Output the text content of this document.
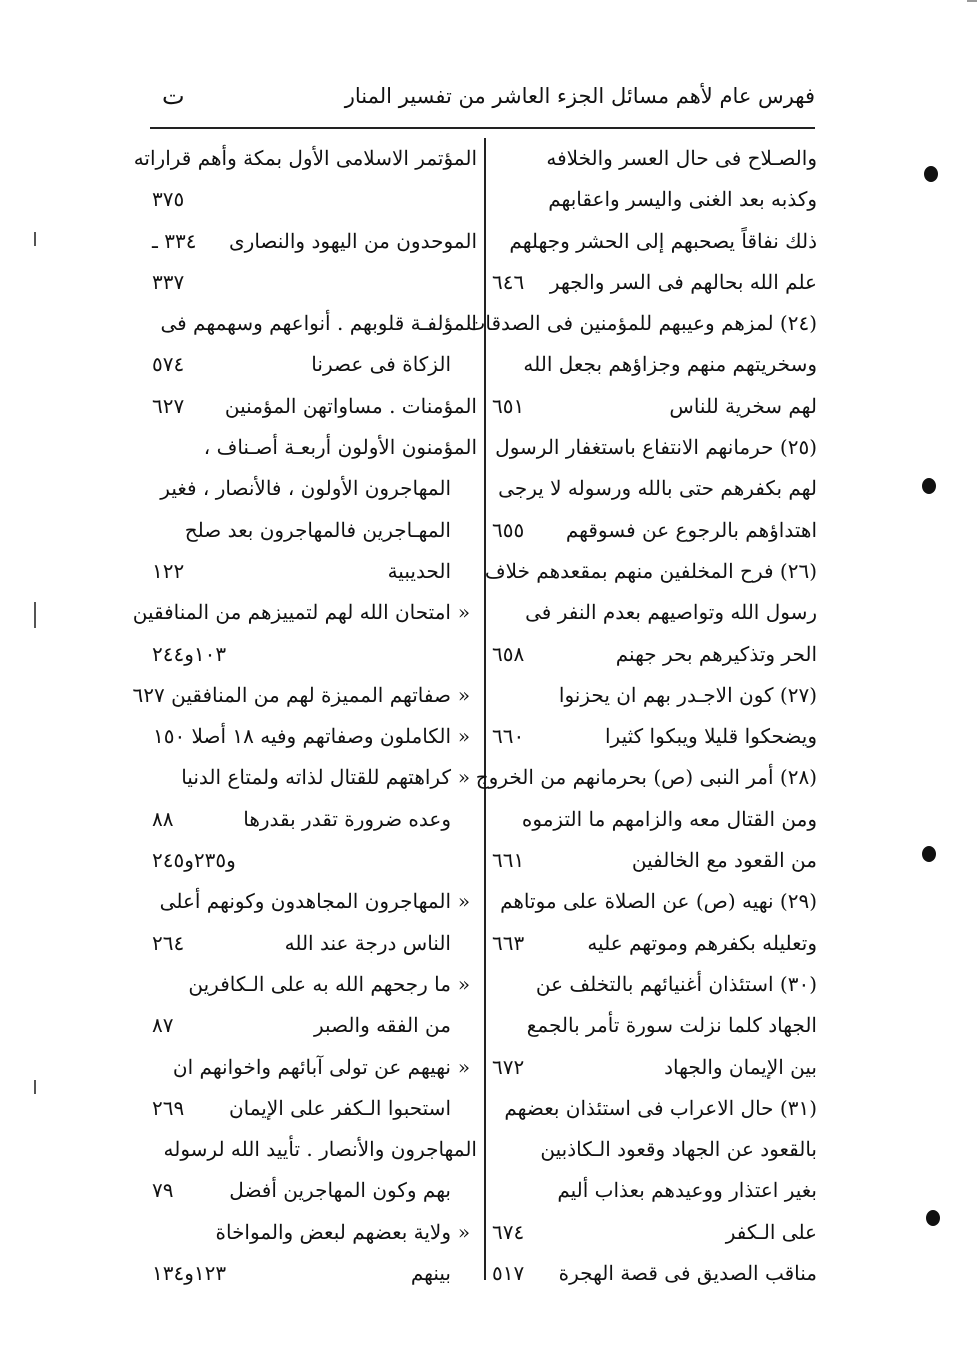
فهرس عام لأهم مسائل الجزء العاشر من تفسير المنار
ت
والصـلاح فى حال العسر والخلافه
وكذبه بعد الغنى واليسر واعقابهم
ذلك نفاقاً يصحبهم إلى الحشر وجهلهم
علم الله بحالهم فى السر والجهر
٦٤٦
(٢٤) لمزهم وعيبهم للمؤمنين فى الصدقات
وسخريتهم منهم وجزاؤهم بجعل الله
لهم سخرية للناس
٦٥١
(٢٥) حرمانهم الانتفاع باستغفار الرسول
لهم بكفرهم حتى بالله ورسوله لا يرجى
اهتداؤهم بالرجوع عن فسوقهم
٦٥٥
(٢٦) فرح المخلفين منهم بمقعدهم خلاف
رسول الله وتواصيهم بعدم النفر فى
الحر وتذكيرهم بحر جهنم
٦٥٨
(٢٧) كون الاجـدر بهم ان يحزنوا
ويضحكوا قليلا ويبكوا كثيرا
٦٦٠
(٢٨) أمر النبى (ص) بحرمانهم من الخروج
ومن القتال معه والزامهم ما التزموه
من القعود مع الخالفين
٦٦١
(٢٩) نهيه (ص) عن الصلاة على موتاهم
وتعليله بكفرهم وموتهم عليه
٦٦٣
(٣٠) استئذان أغنيائهم بالتخلف عن
الجهاد كلما نزلت سورة تأمر بالجمع
بين الإيمان والجهاد
٦٧٢
(٣١) حال الاعراب فى استئذان بعضهم
بالقعود عن الجهاد وقعود الـكاذبين
بغير اعتذار ووعيدهم بعذاب أليم
على الـكفر
٦٧٤
مناقب الصديق فى قصة الهجرة
٥١٧
المؤتمر الاسلامى الأول بمكة وأهم قراراته
٣٧٥
الموحدون من اليهود والنصارى
٣٣٤ ـ
٣٣٧
المؤلفـة قلوبهم . أنواعهم وسهمهم فى
الزكاة فى عصرنا
٥٧٤
المؤمنات . مساواتهن المؤمنين
٦٢٧
المؤمنون الأولون أربعـة أصـناف ،
المهاجرون الأولون ، فالأنصار ، فغير
المهـاجرين فالمهاجرون بعد صلح
الحديبية
١٢٢
«امتحان الله لهم لتمييزهم من المنافقين
١٠٣و٢٤٤
«صفاتهم المميزة لهم من المنافقين ٦٢٧
«الكاملون وصفاتهم وفيه ١٨ أصلا ١٥٠
«كراهتهم للقتال لذاته ولمتاع الدنيا
وعده ضرورة تقدر بقدرها
٨٨
و٢٣٥و٢٤٥
«المهاجرون المجاهدون وكونهم أعلى
الناس درجة عند الله
٢٦٤
«ما رجحهم الله به على الـكافرين
من الفقه والصبر
٨٧
«نهيهم عن تولى آبائهم واخوانهم ان
استحبوا الـكفر على الإيمان
٢٦٩
المهاجرون والأنصار . تأييد الله لرسوله
بهم وكون المهاجرين أفضل
٧٩
«ولاية بعضهم لبعض والمواخاة
بينهم
١٢٣و١٣٤
